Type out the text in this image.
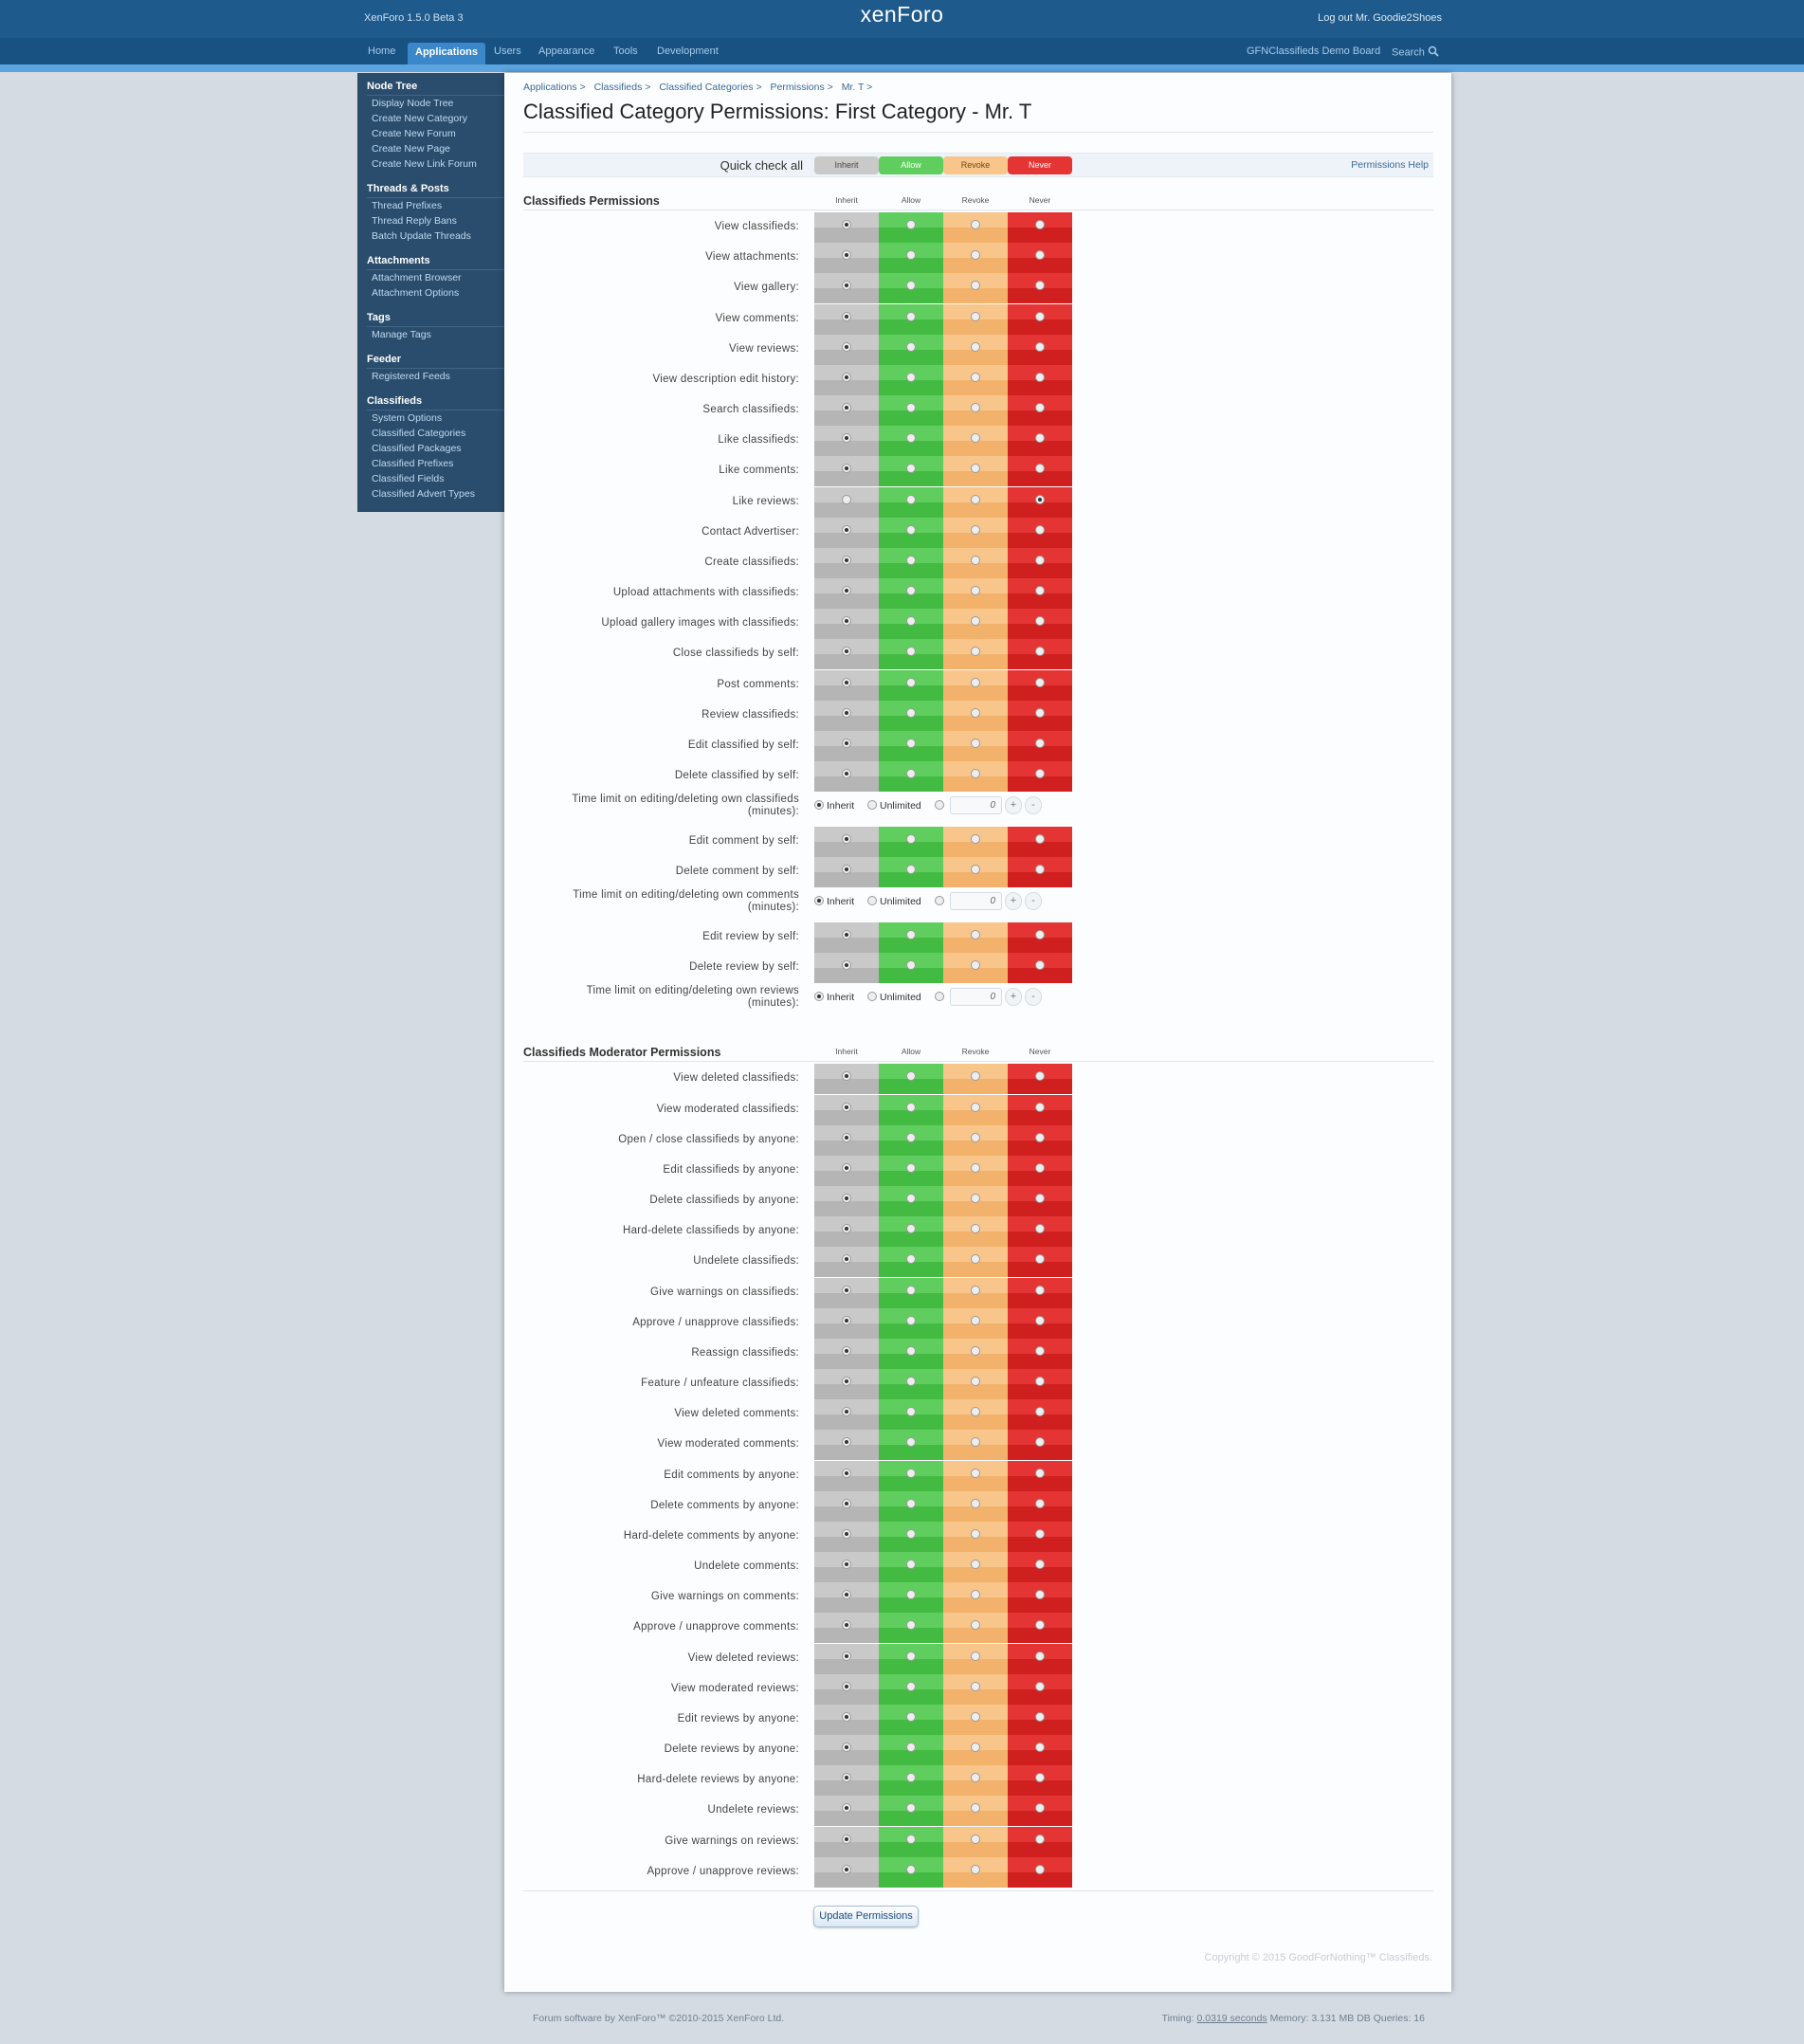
XenForo 1.5.0 Beta 3	xenForo	Log out Mr. Goodie2Shoes
Home	Applications	Users Appearance Tools Development	GFNClassifieds Demo Board Search
Node Tree
Display Node Tree
Create New Category
Create New Forum
Create New Page
Create New Link Forum
Threads & Posts
Thread Prefixes
Thread Reply Bans
Batch Update Threads
Attachments
Attachment Browser
Attachment Options
Tags
Manage Tags
Feeder
Registered Feeds
Classifieds
System Options
Classified Categories
Classified Packages
Classified Prefixes
Classified Fields
Classified Advert Types
Applications > Classifieds > Classified Categories > Permissions > Mr. T >
Classified Category Permissions: First Category - Mr. T
Quick check all	Inherit	Allow	Revoke	Never	Permissions Help
Classifieds Permissions	Inherit	Allow	Revoke	Never
View classifieds:
View attachments:
View gallery:
View comments:
View reviews:
View description edit history:
Search classifieds:
Like classifieds:
Like comments:
Like reviews:
Contact Advertiser:
Create classifieds:
Upload attachments with classifieds:
Upload gallery images with classifieds:
Close classifieds by self:
Post comments:
Review classifieds:
Edit classified by self:
Delete classified by self:
Time limit on editing/deleting own classifieds (minutes):	Inherit	Unlimited	0	+	-
Edit comment by self:
Delete comment by self:
Time limit on editing/deleting own comments (minutes):	Inherit	Unlimited	0	+	-
Edit review by self:
Delete review by self:
Time limit on editing/deleting own reviews (minutes):	Inherit	Unlimited	0	+	-
Classifieds Moderator Permissions	Inherit	Allow	Revoke	Never
View deleted classifieds:
View moderated classifieds:
Open / close classifieds by anyone:
Edit classifieds by anyone:
Delete classifieds by anyone:
Hard-delete classifieds by anyone:
Undelete classifieds:
Give warnings on classifieds:
Approve / unapprove classifieds:
Reassign classifieds:
Feature / unfeature classifieds:
View deleted comments:
View moderated comments:
Edit comments by anyone:
Delete comments by anyone:
Hard-delete comments by anyone:
Undelete comments:
Give warnings on comments:
Approve / unapprove comments:
View deleted reviews:
View moderated reviews:
Edit reviews by anyone:
Delete reviews by anyone:
Hard-delete reviews by anyone:
Undelete reviews:
Give warnings on reviews:
Approve / unapprove reviews:
Update Permissions
Copyright © 2015 GoodForNothing™ Classifieds.
Forum software by XenForo™ ©2010-2015 XenForo Ltd.	Timing: 0.0319 seconds Memory: 3.131 MB DB Queries: 16
